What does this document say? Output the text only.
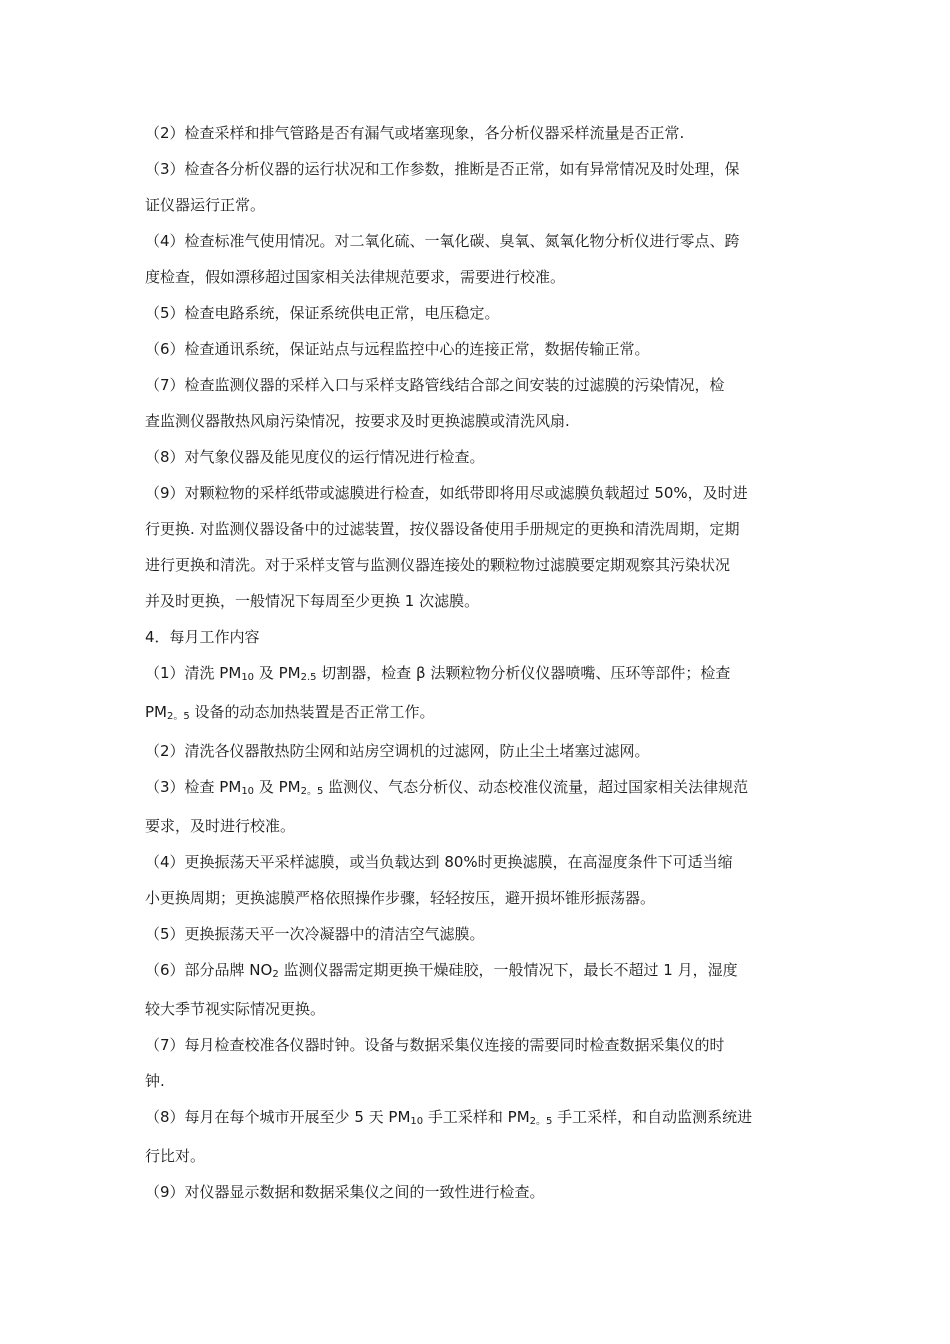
（2）检查采样和排气管路是否有漏气或堵塞现象，各分析仪器采样流量是否正常.
（3）检查各分析仪器的运行状况和工作参数，推断是否正常，如有异常情况及时处理，保
证仪器运行正常。
（4）检查标准气使用情况。对二氧化硫、一氧化碳、臭氧、氮氧化物分析仪进行零点、跨
度检查，假如漂移超过国家相关法律规范要求，需要进行校准。
（5）检查电路系统，保证系统供电正常，电压稳定。
（6）检查通讯系统，保证站点与远程监控中心的连接正常，数据传输正常。
（7）检查监测仪器的采样入口与采样支路管线结合部之间安装的过滤膜的污染情况，检
查监测仪器散热风扇污染情况，按要求及时更换滤膜或清洗风扇.
（8）对气象仪器及能见度仪的运行情况进行检查。
（9）对颗粒物的采样纸带或滤膜进行检查，如纸带即将用尽或滤膜负载超过 50%，及时进
行更换. 对监测仪器设备中的过滤装置，按仪器设备使用手册规定的更换和清洗周期，定期
进行更换和清洗。对于采样支管与监测仪器连接处的颗粒物过滤膜要定期观察其污染状况
并及时更换，一般情况下每周至少更换 1 次滤膜。
4．每月工作内容
（1）清洗 PM10 及 PM2.5 切割器，检查 β 法颗粒物分析仪仪器喷嘴、压环等部件；检查
PM2。5 设备的动态加热装置是否正常工作。
（2）清洗各仪器散热防尘网和站房空调机的过滤网，防止尘土堵塞过滤网。
（3）检查 PM10 及 PM2。5 监测仪、气态分析仪、动态校准仪流量，超过国家相关法律规范
要求，及时进行校准。
（4）更换振荡天平采样滤膜，或当负载达到 80%时更换滤膜，在高湿度条件下可适当缩
小更换周期；更换滤膜严格依照操作步骤，轻轻按压，避开损坏锥形振荡器。
（5）更换振荡天平一次冷凝器中的清洁空气滤膜。
（6）部分品牌 NO2 监测仪器需定期更换干燥硅胶，一般情况下，最长不超过 1 月，湿度
较大季节视实际情况更换。
（7）每月检查校准各仪器时钟。设备与数据采集仪连接的需要同时检查数据采集仪的时
钟.
（8）每月在每个城市开展至少 5 天 PM10 手工采样和 PM2。5 手工采样，和自动监测系统进
行比对。
（9）对仪器显示数据和数据采集仪之间的一致性进行检查。
